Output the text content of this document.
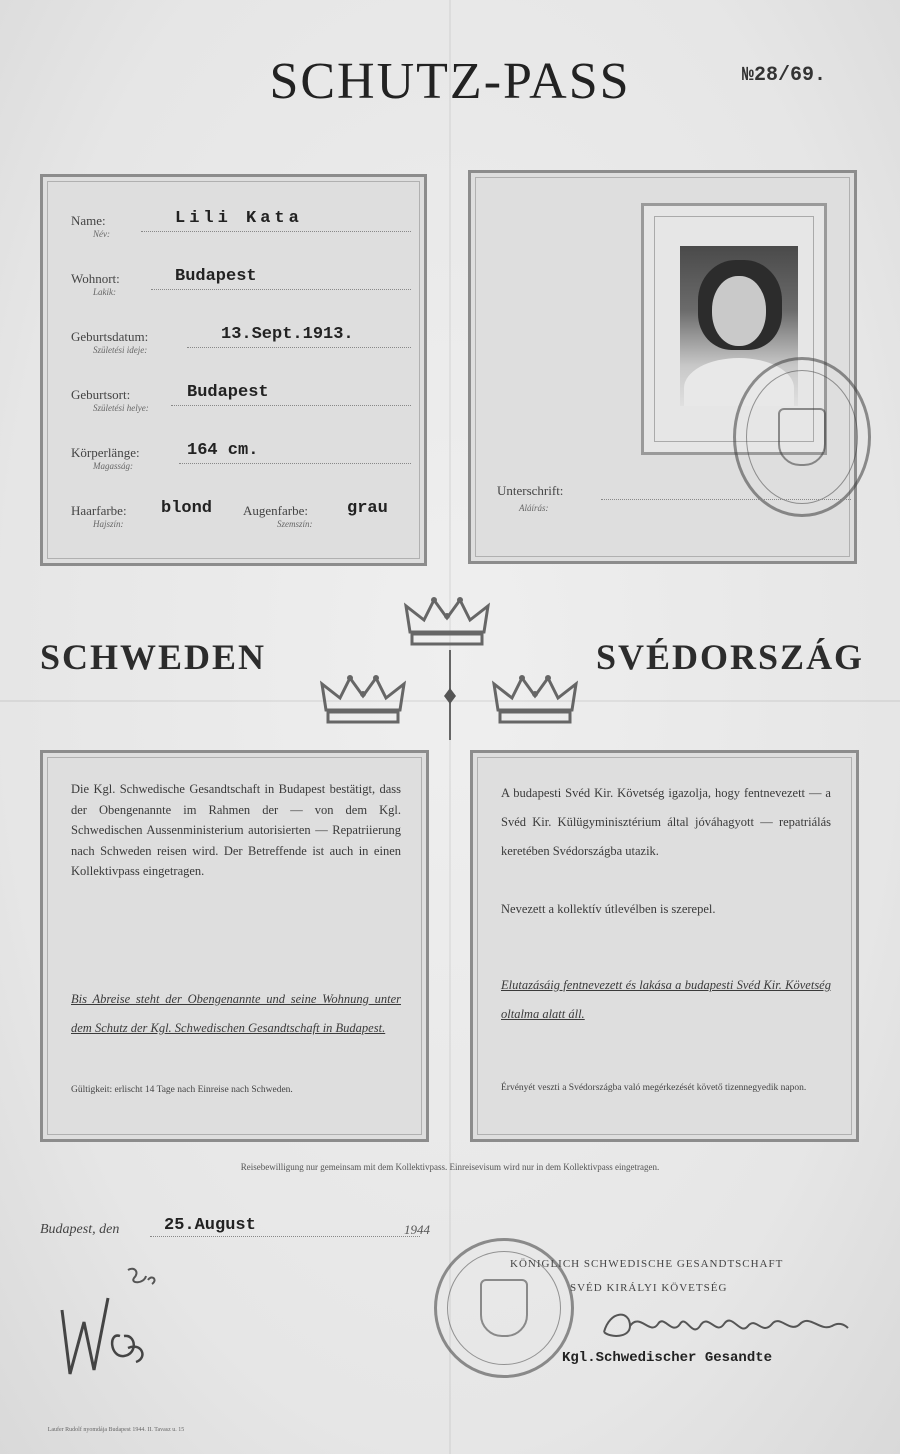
SCHUTZ-PASS	№28/69.
Name:
Név:
Lili Kata
Wohnort:
Lakik:
Budapest
Geburtsdatum:
Születési ideje:
13.Sept.1913.
Geburtsort:
Születési helye:
Budapest
Körperlänge:
Magasság:
164 cm.
Haarfarbe:
Hajszín:
blond Augenfarbe:
Szemszín:
grau
Unterschrift:
Aláírás:
SCHWEDEN	SVÉDORSZÁG
Die Kgl. Schwedische Gesandtschaft in Budapest bestätigt, dass der Obengenannte im Rahmen der — von dem Kgl. Schwedischen Aussenministerium autorisierten — Repatriierung nach Schweden reisen wird. Der Betreffende ist auch in einen Kollektivpass eingetragen.
Bis Abreise steht der Obengenannte und seine Wohnung unter dem Schutz der Kgl. Schwedischen Gesandtschaft in Budapest.
Gültigkeit: erlischt 14 Tage nach Einreise nach Schweden.
A budapesti Svéd Kir. Követség igazolja, hogy fentnevezett — a Svéd Kir. Külügyminisztérium által jóváhagyott — repatriálás keretében Svédországba utazik.
Nevezett a kollektív útlevélben is szerepel.
Elutazásáig fentnevezett és lakása a budapesti Svéd Kir. Követség oltalma alatt áll.
Érvényét veszti a Svédországba való megérkezését követő tizennegyedik napon.
Reisebewilligung nur gemeinsam mit dem Kollektivpass. Einreisevisum wird nur in dem Kollektivpass eingetragen.
Budapest, den	25.August	1944
KÖNIGLICH SCHWEDISCHE GESANDTSCHAFT
SVÉD KIRÁLYI KÖVETSÉG
Kgl.Schwedischer Gesandte
Laufer Rudolf nyomdája Budapest 1944. II. Tavasz u. 15
